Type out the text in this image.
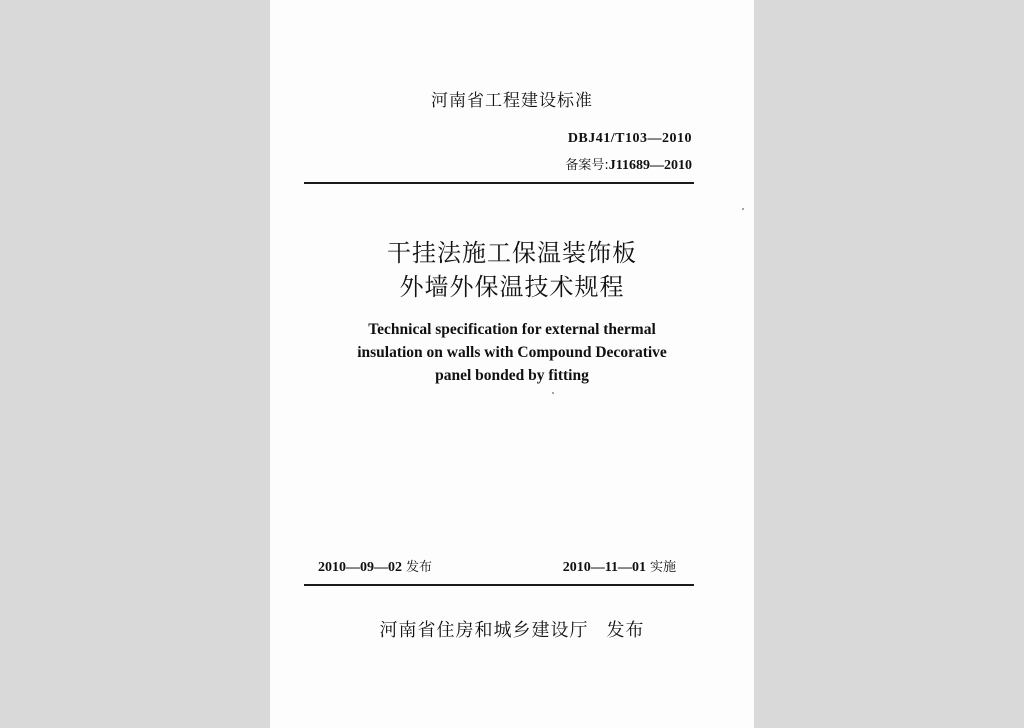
河南省工程建设标准
DBJ41/T103—2010
备案号:J11689—2010
干挂法施工保温装饰板
外墙外保温技术规程
Technical specification for external thermal
insulation on walls with Compound Decorative
panel bonded by fitting
2010—09—02 发布	2010—11—01 实施
河南省住房和城乡建设厅 发布
